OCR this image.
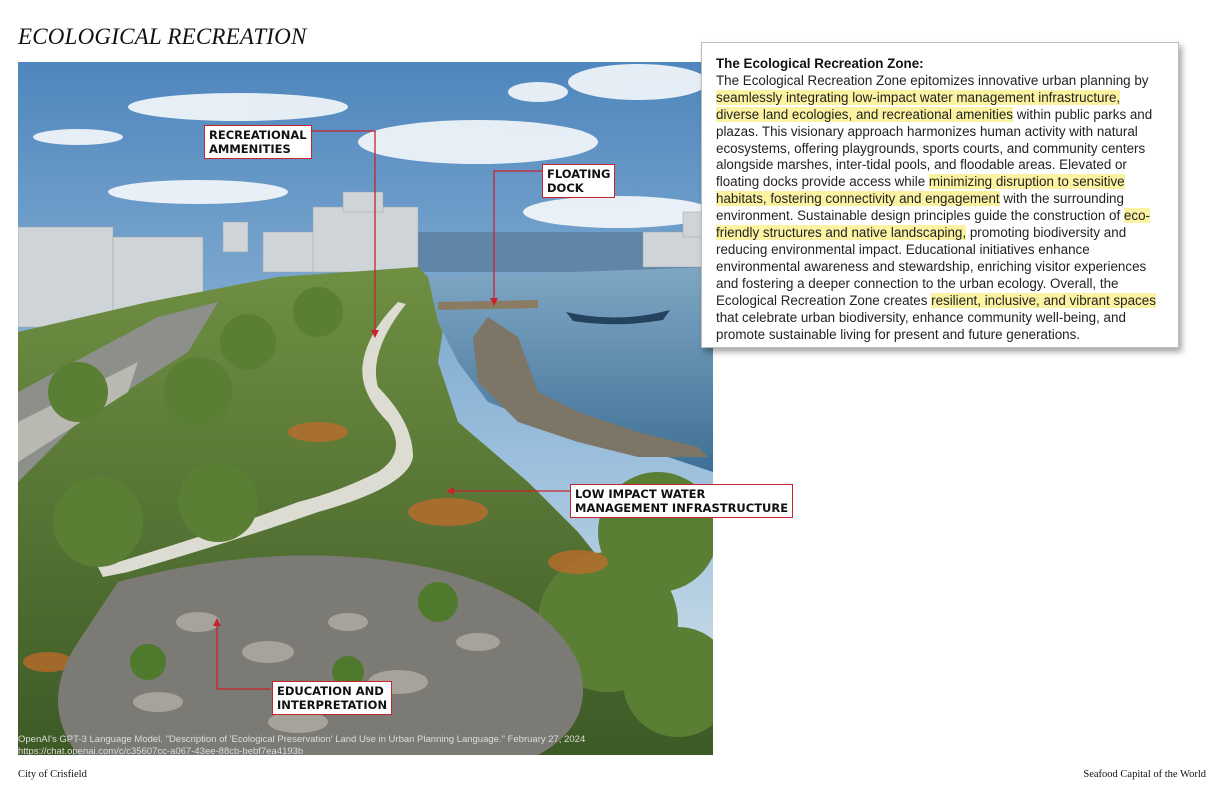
ECOLOGICAL RECREATION
RECREATIONAL
AMMENITIES
FLOATING
DOCK
LOW IMPACT WATER
MANAGEMENT INFRASTRUCTURE
EDUCATION AND
INTERPRETATION
OpenAI's GPT-3 Language Model. "Description of 'Ecological Preservation' Land Use in Urban Planning Language." February 27, 2024
https://chat.openai.com/c/c35607cc-a067-43ee-88cb-bebf7ea4193b
The Ecological Recreation Zone:
The Ecological Recreation Zone epitomizes innovative urban planning by seamlessly integrating low-impact water management infrastructure, diverse land ecologies, and recreational amenities within public parks and plazas. This visionary approach harmonizes human activity with natural ecosystems, offering playgrounds, sports courts, and community centers alongside marshes, inter-tidal pools, and floodable areas. Elevated or floating docks provide access while minimizing disruption to sensitive habitats, fostering connectivity and engagement with the surrounding environment. Sustainable design principles guide the construction of eco-friendly structures and native landscaping, promoting biodiversity and reducing environmental impact. Educational initiatives enhance environmental awareness and stewardship, enriching visitor experiences and fostering a deeper connection to the urban ecology. Overall, the Ecological Recreation Zone creates resilient, inclusive, and vibrant spaces that celebrate urban biodiversity, enhance community well-being, and promote sustainable living for present and future generations.
City of Crisfield	Seafood Capital of the World
